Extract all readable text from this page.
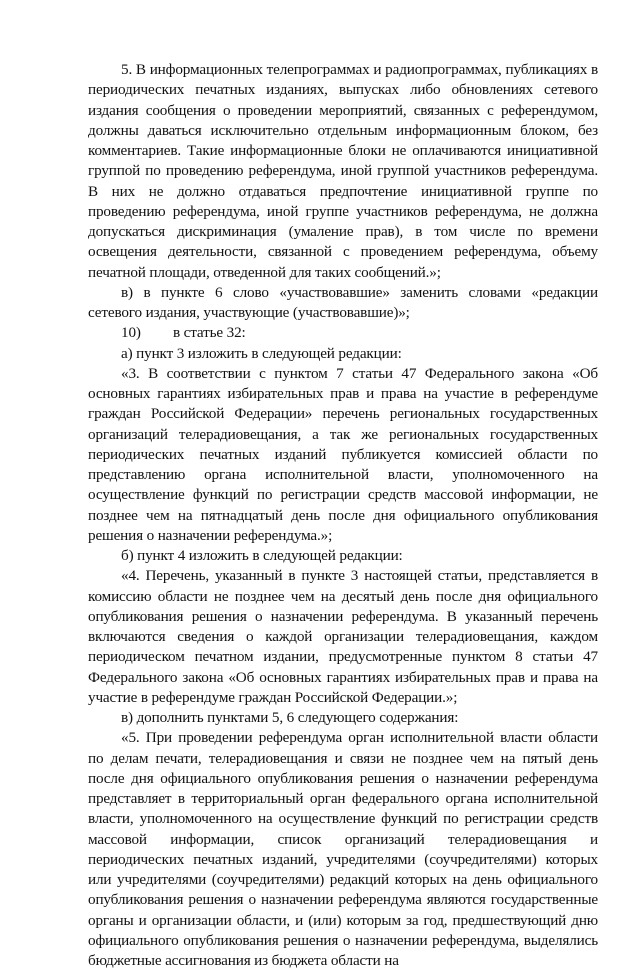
5. В информационных телепрограммах и радиопрограммах, публикациях в периодических печатных изданиях, выпусках либо обновлениях сетевого издания сообщения о проведении мероприятий, связанных с референдумом, должны даваться исключительно отдельным информационным блоком, без комментариев. Такие информационные блоки не оплачиваются инициативной группой по проведению референдума, иной группой участников референдума. В них не должно отдаваться предпочтение инициативной группе по проведению референдума, иной группе участников референдума, не должна допускаться дискриминация (умаление прав), в том числе по времени освещения деятельности, связанной с проведением референдума, объему печатной площади, отведенной для таких сообщений.»;

в) в пункте 6 слово «участвовавшие» заменить словами «редакции сетевого издания, участвующие (участвовавшие)»;

10) в статье 32:

а) пункт 3 изложить в следующей редакции:

«3. В соответствии с пунктом 7 статьи 47 Федерального закона «Об основных гарантиях избирательных прав и права на участие в референдуме граждан Российской Федерации» перечень региональных государственных организаций телерадиовещания, а так же региональных государственных периодических печатных изданий публикуется комиссией области по представлению органа исполнительной власти, уполномоченного на осуществление функций по регистрации средств массовой информации, не позднее чем на пятнадцатый день после дня официального опубликования решения о назначении референдума.»;

б) пункт 4 изложить в следующей редакции:

«4. Перечень, указанный в пункте 3 настоящей статьи, представляется в комиссию области не позднее чем на десятый день после дня официального опубликования решения о назначении референдума. В указанный перечень включаются сведения о каждой организации телерадиовещания, каждом периодическом печатном издании, предусмотренные пунктом 8 статьи 47 Федерального закона «Об основных гарантиях избирательных прав и права на участие в референдуме граждан Российской Федерации.»;

в) дополнить пунктами 5, 6 следующего содержания:

«5. При проведении референдума орган исполнительной власти области по делам печати, телерадиовещания и связи не позднее чем на пятый день после дня официального опубликования решения о назначении референдума представляет в территориальный орган федерального органа исполнительной власти, уполномоченного на осуществление функций по регистрации средств массовой информации, список организаций телерадиовещания и периодических печатных изданий, учредителями (соучредителями) которых или учредителями (соучредителями) редакций которых на день официального опубликования решения о назначении референдума являются государственные органы и организации области, и (или) которым за год, предшествующий дню официального опубликования решения о назначении референдума, выделялись бюджетные ассигнования из бюджета области на
